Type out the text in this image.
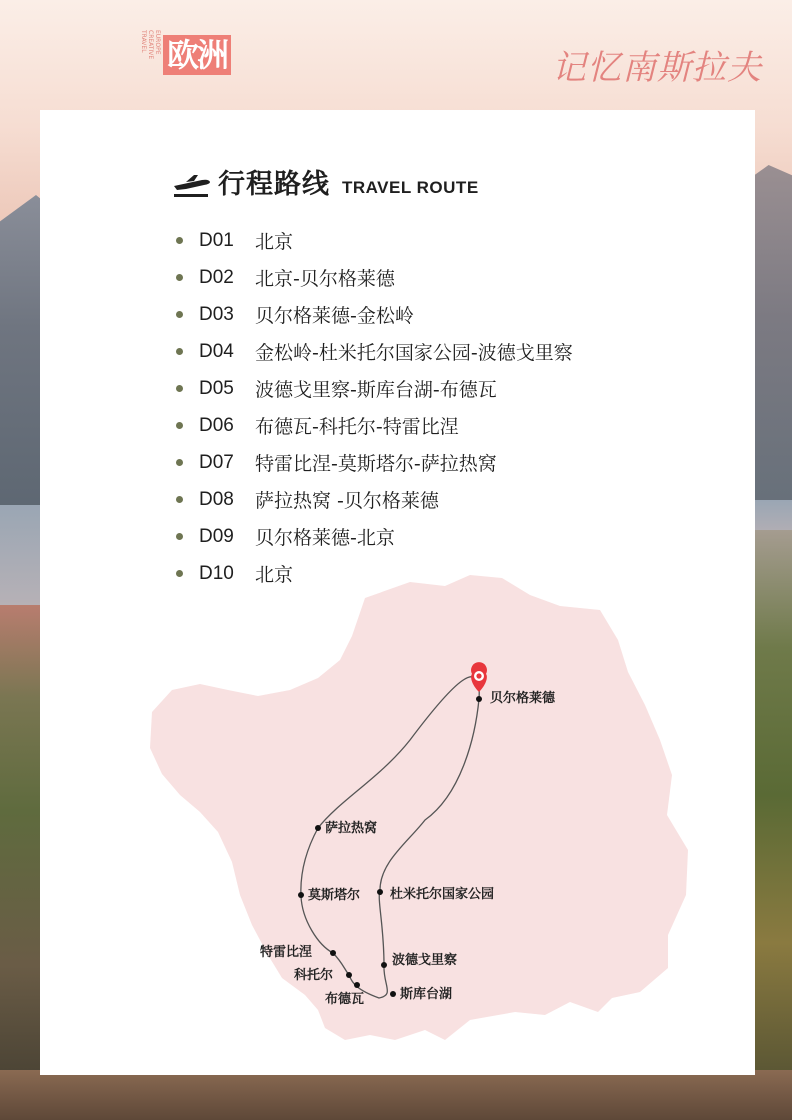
EUROPE CREATIVE TRAVEL 欧洲	记忆南斯拉夫
行程路线 TRAVEL ROUTE
D01	北京
D02	北京-贝尔格莱德
D03	贝尔格莱德-金松岭
D04	金松岭-杜米托尔国家公园-波德戈里察
D05	波德戈里察-斯库台湖-布德瓦
D06	布德瓦-科托尔-特雷比涅
D07	特雷比涅-莫斯塔尔-萨拉热窝
D08	萨拉热窝 -贝尔格莱德
D09	贝尔格莱德-北京
D10	北京
贝尔格莱德
萨拉热窝
杜米托尔国家公园
莫斯塔尔
特雷比涅
波德戈里察
科托尔
布德瓦	斯库台湖
